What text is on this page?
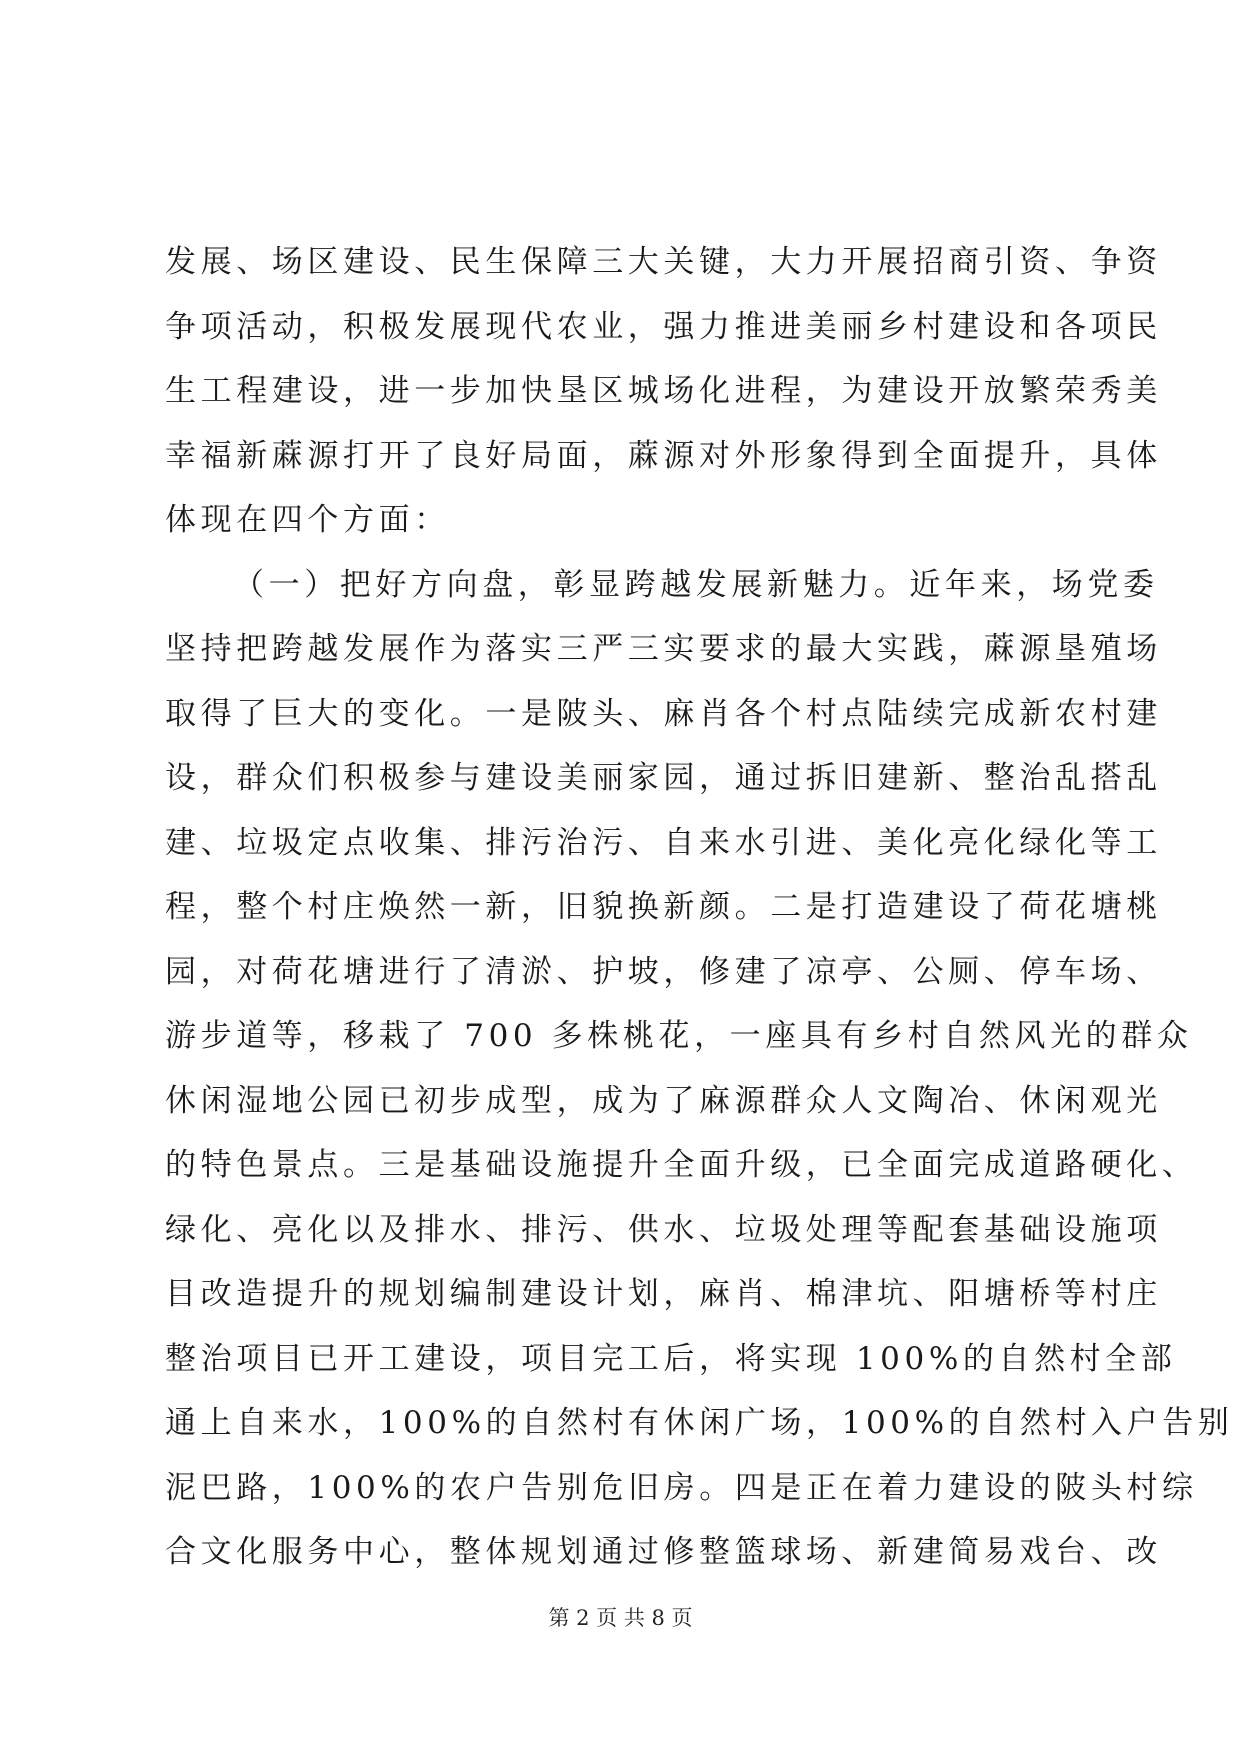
发展、场区建设、民生保障三大关键，大力开展招商引资、争资
争项活动，积极发展现代农业，强力推进美丽乡村建设和各项民
生工程建设，进一步加快垦区城场化进程，为建设开放繁荣秀美
幸福新蔴源打开了良好局面，蔴源对外形象得到全面提升，具体
体现在四个方面：
（一）把好方向盘，彰显跨越发展新魅力。近年来，场党委
坚持把跨越发展作为落实三严三实要求的最大实践，蔴源垦殖场
取得了巨大的变化。一是陂头、麻肖各个村点陆续完成新农村建
设，群众们积极参与建设美丽家园，通过拆旧建新、整治乱搭乱
建、垃圾定点收集、排污治污、自来水引进、美化亮化绿化等工
程，整个村庄焕然一新，旧貌换新颜。二是打造建设了荷花塘桃
园，对荷花塘进行了清淤、护坡，修建了凉亭、公厕、停车场、
游步道等，移栽了 700 多株桃花，一座具有乡村自然风光的群众
休闲湿地公园已初步成型，成为了麻源群众人文陶冶、休闲观光
的特色景点。三是基础设施提升全面升级，已全面完成道路硬化、
绿化、亮化以及排水、排污、供水、垃圾处理等配套基础设施项
目改造提升的规划编制建设计划，麻肖、棉津坑、阳塘桥等村庄
整治项目已开工建设，项目完工后，将实现 100%的自然村全部
通上自来水，100%的自然村有休闲广场，100%的自然村入户告别
泥巴路，100%的农户告别危旧房。四是正在着力建设的陂头村综
合文化服务中心，整体规划通过修整篮球场、新建简易戏台、改
第 2 页 共 8 页
